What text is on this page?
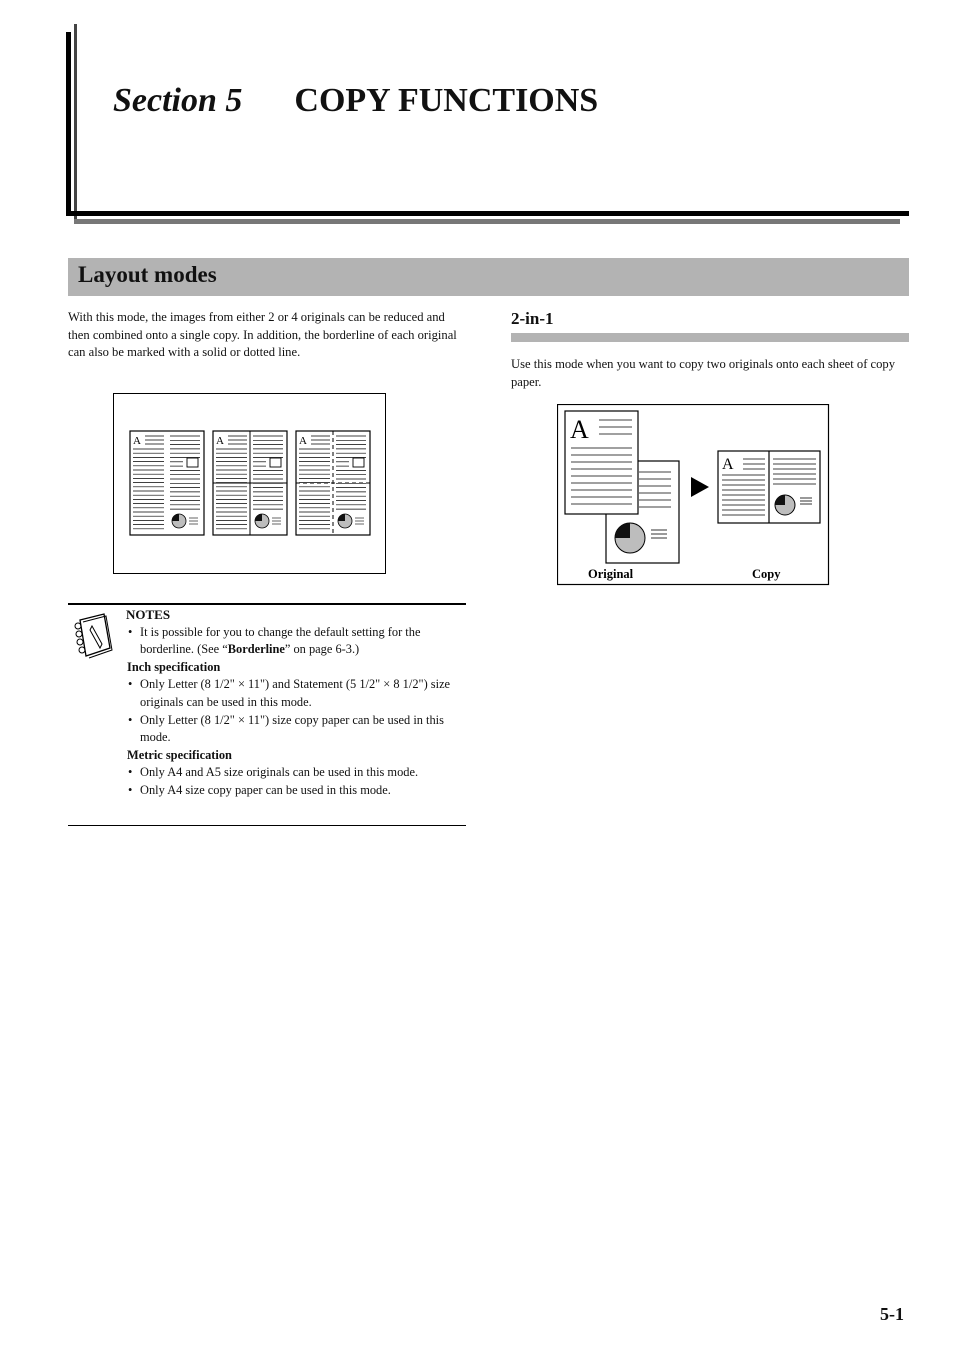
Section 5 COPY FUNCTIONS
Layout modes
With this mode, the images from either 2 or 4 originals can be reduced and then combined onto a single copy. In addition, the borderline of each original can also be marked with a solid or dotted line.
A	A	A
NOTES
• It is possible for you to change the default setting for the borderline. (See “Borderline” on page 6-3.)
Inch specification
• Only Letter (8 1/2" × 11") and Statement (5 1/2" × 8 1/2") size originals can be used in this mode.
• Only Letter (8 1/2" × 11") size copy paper can be used in this mode.
Metric specification
• Only A4 and A5 size originals can be used in this mode.
• Only A4 size copy paper can be used in this mode.
2-in-1
Use this mode when you want to copy two originals onto each sheet of copy paper.
A
A
Original	Copy
5-1
